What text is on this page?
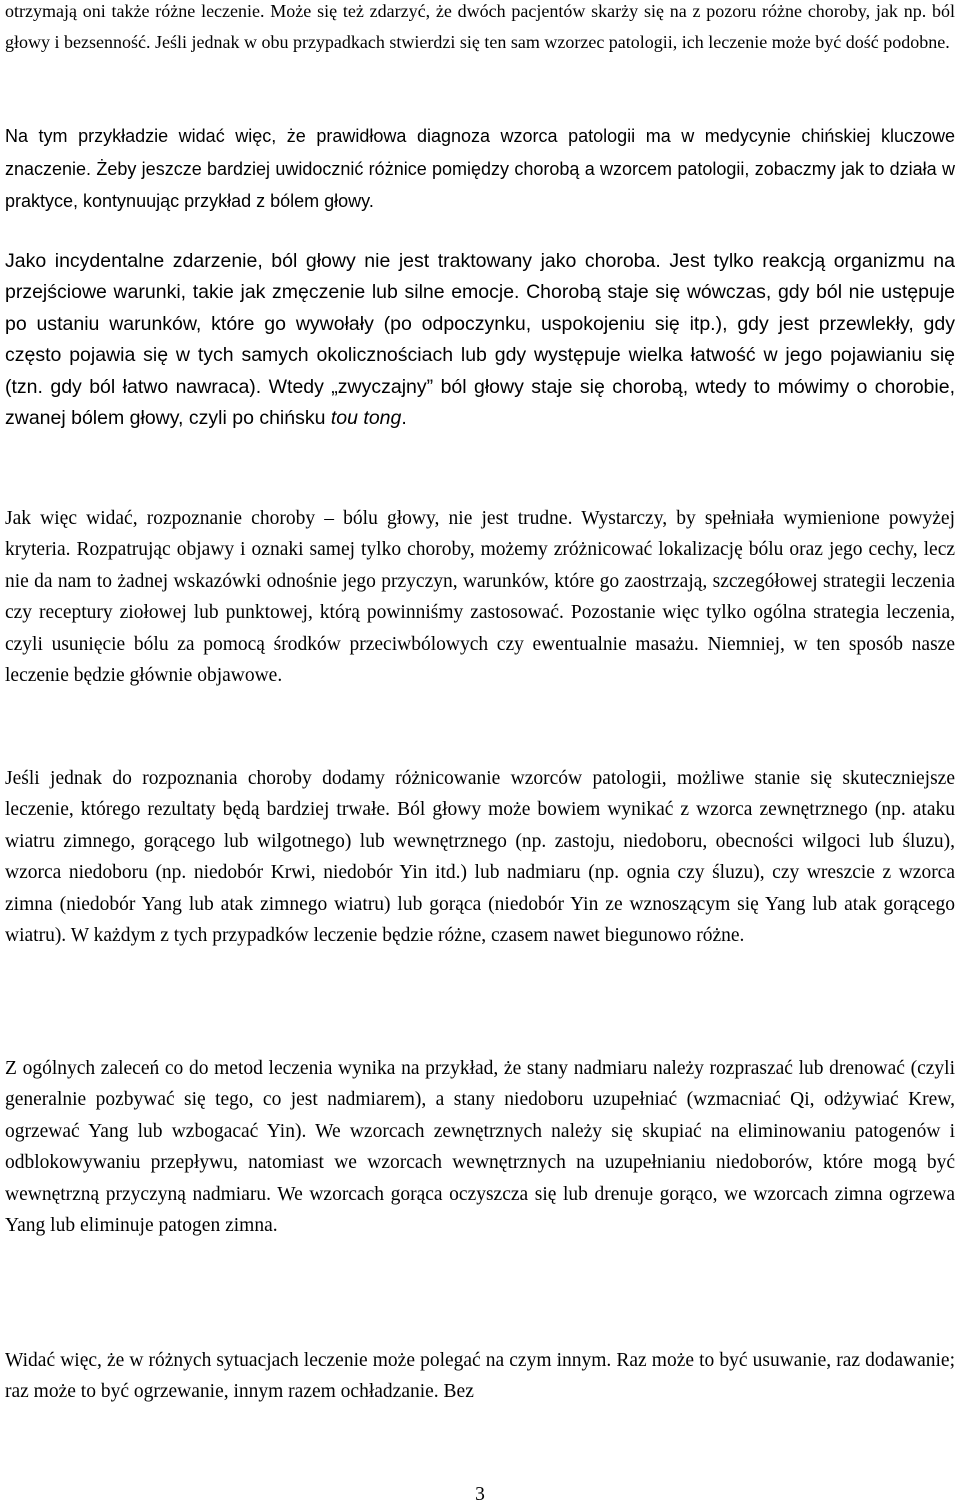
otrzymają oni także różne leczenie. Może się też zdarzyć, że dwóch pacjentów skarży się na z pozoru różne choroby, jak np. ból głowy i bezsenność. Jeśli jednak w obu przypadkach stwierdzi się ten sam wzorzec patologii, ich leczenie może być dość podobne.

Na tym przykładzie widać więc, że prawidłowa diagnoza wzorca patologii ma w medycynie chińskiej kluczowe znaczenie. Żeby jeszcze bardziej uwidocznić różnice pomiędzy chorobą a wzorcem patologii, zobaczmy jak to działa w praktyce, kontynuując przykład z bólem głowy.

Jako incydentalne zdarzenie, ból głowy nie jest traktowany jako choroba. Jest tylko reakcją organizmu na przejściowe warunki, takie jak zmęczenie lub silne emocje. Chorobą staje się wówczas, gdy ból nie ustępuje po ustaniu warunków, które go wywołały (po odpoczynku, uspokojeniu się itp.), gdy jest przewlekły, gdy często pojawia się w tych samych okolicznościach lub gdy występuje wielka łatwość w jego pojawianiu się (tzn. gdy ból łatwo nawraca). Wtedy „zwyczajny” ból głowy staje się chorobą, wtedy to mówimy o chorobie, zwanej bólem głowy, czyli po chińsku tou tong.

Jak więc widać, rozpoznanie choroby – bólu głowy, nie jest trudne. Wystarczy, by spełniała wymienione powyżej kryteria. Rozpatrując objawy i oznaki samej tylko choroby, możemy zróżnicować lokalizację bólu oraz jego cechy, lecz nie da nam to żadnej wskazówki odnośnie jego przyczyn, warunków, które go zaostrzają, szczegółowej strategii leczenia czy receptury ziołowej lub punktowej, którą powinniśmy zastosować. Pozostanie więc tylko ogólna strategia leczenia, czyli usunięcie bólu za pomocą środków przeciwbólowych czy ewentualnie masażu. Niemniej, w ten sposób nasze leczenie będzie głównie objawowe.

Jeśli jednak do rozpoznania choroby dodamy różnicowanie wzorców patologii, możliwe stanie się skuteczniejsze leczenie, którego rezultaty będą bardziej trwałe. Ból głowy może bowiem wynikać z wzorca zewnętrznego (np. ataku wiatru zimnego, gorącego lub wilgotnego) lub wewnętrznego (np. zastoju, niedoboru, obecności wilgoci lub śluzu), wzorca niedoboru (np. niedobór Krwi, niedobór Yin itd.) lub nadmiaru (np. ognia czy śluzu), czy wreszcie z wzorca zimna (niedobór Yang lub atak zimnego wiatru) lub gorąca (niedobór Yin ze wznoszącym się Yang lub atak gorącego wiatru). W każdym z tych przypadków leczenie będzie różne, czasem nawet biegunowo różne.

Z ogólnych zaleceń co do metod leczenia wynika na przykład, że stany nadmiaru należy rozpraszać lub drenować (czyli generalnie pozbywać się tego, co jest nadmiarem), a stany niedoboru uzupełniać (wzmacniać Qi, odżywiać Krew, ogrzewać Yang lub wzbogacać Yin). We wzorcach zewnętrznych należy się skupiać na eliminowaniu patogenów i odblokowywaniu przepływu, natomiast we wzorcach wewnętrznych na uzupełnianiu niedoborów, które mogą być wewnętrzną przyczyną nadmiaru. We wzorcach gorąca oczyszcza się lub drenuje gorąco, we wzorcach zimna ogrzewa Yang lub eliminuje patogen zimna.

Widać więc, że w różnych sytuacjach leczenie może polegać na czym innym. Raz może to być usuwanie, raz dodawanie; raz może to być ogrzewanie, innym razem ochładzanie. Bez

3
